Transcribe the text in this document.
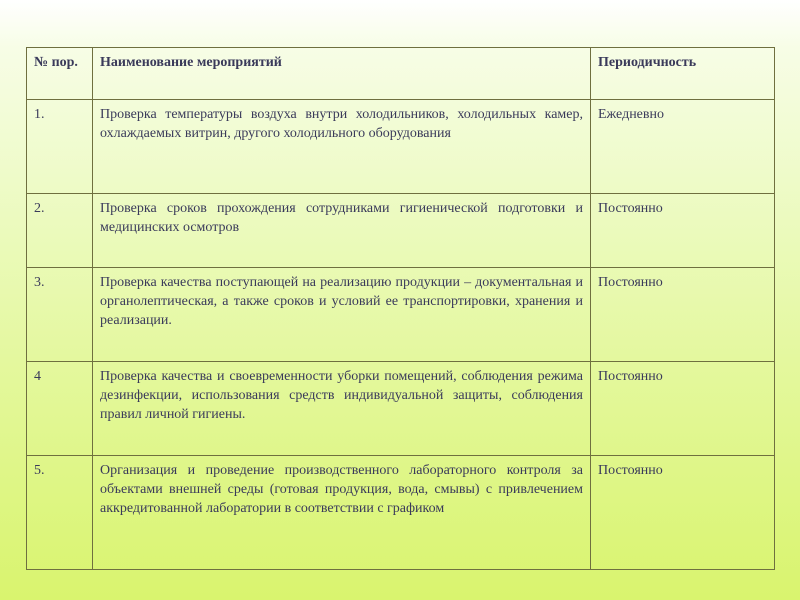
№ пор.	Наименование мероприятий	Периодичность
1.	Проверка температуры воздуха внутри холодильников, холодильных камер, охлаждаемых витрин, другого холодильного оборудования	Ежедневно
2.	Проверка сроков прохождения сотрудниками гигиенической подготовки и медицинских осмотров	Постоянно
3.	Проверка качества поступающей на реализацию продукции – документальная и органолептическая, а также сроков и условий ее транспортировки, хранения и реализации.	Постоянно
4	Проверка качества и своевременности уборки помещений, соблюдения режима дезинфекции, использования средств индивидуальной защиты, соблюдения правил личной гигиены.	Постоянно
5.	Организация и проведение производственного лабораторного контроля за объектами внешней среды (готовая продукция, вода, смывы) с привлечением аккредитованной лаборатории в соответствии с графиком	Постоянно
